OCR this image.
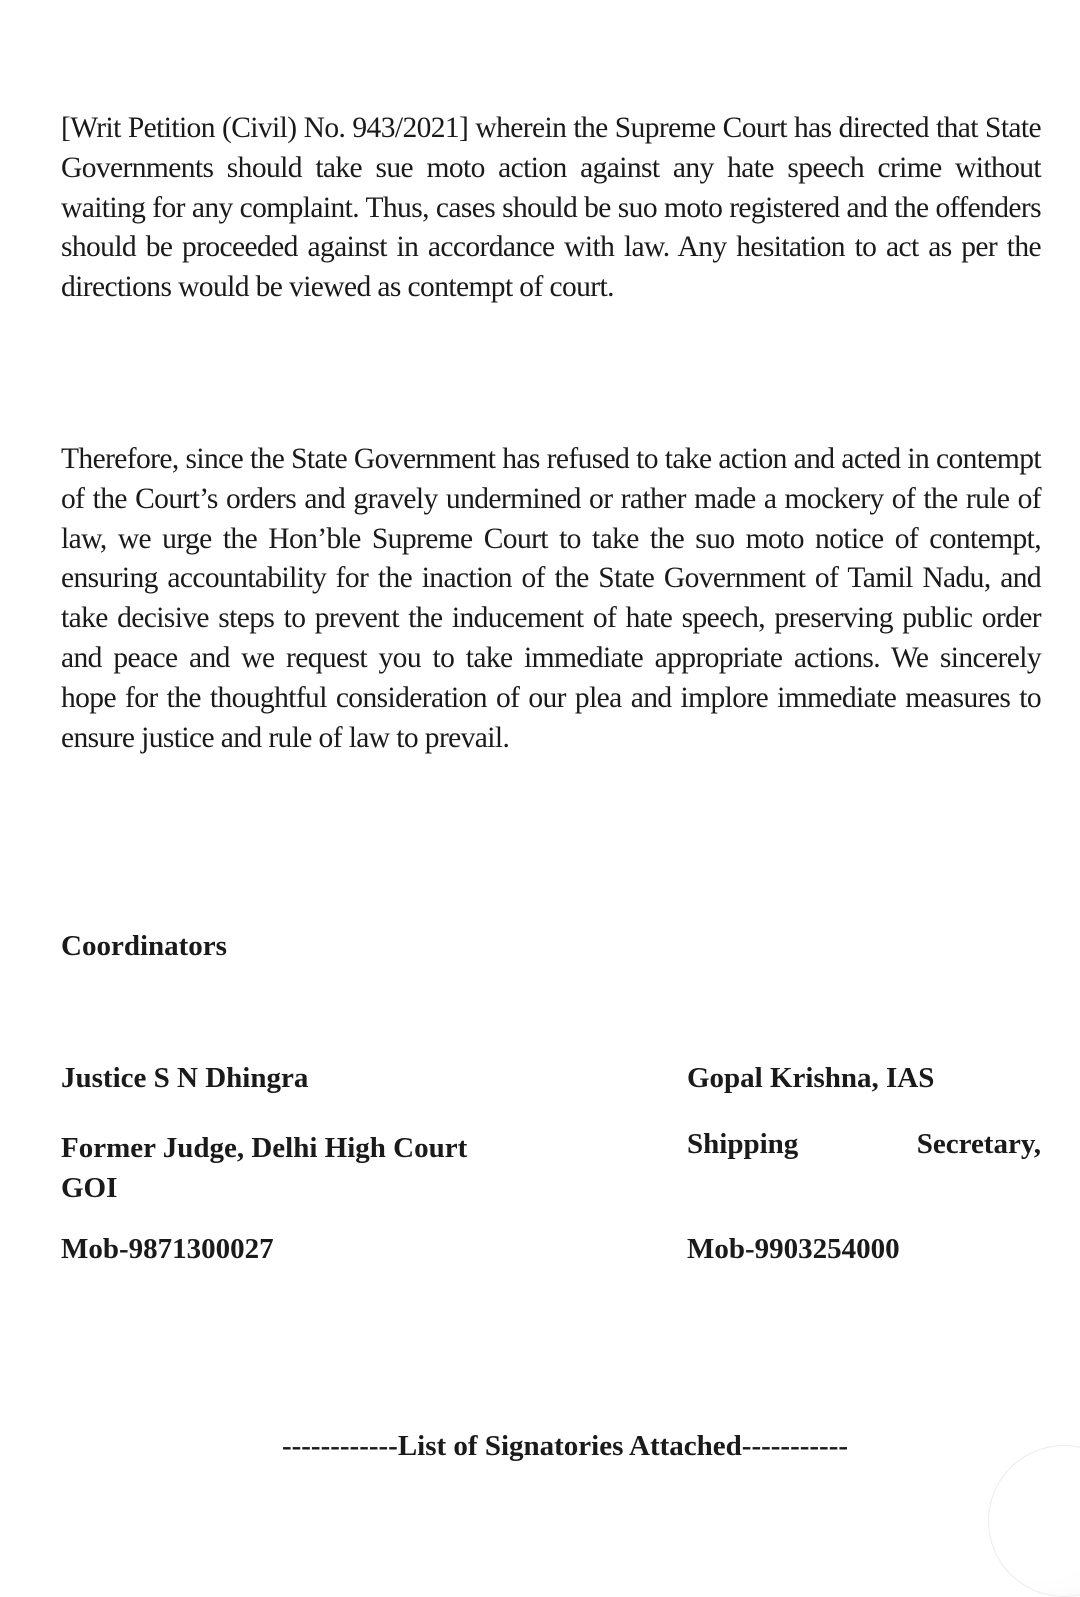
[Writ Petition (Civil) No. 943/2021] wherein the Supreme Court has directed that State Governments should take sue moto action against any hate speech crime without waiting for any complaint. Thus, cases should be suo moto registered and the offenders should be proceeded against in accordance with law. Any hesitation to act as per the directions would be viewed as contempt of court.

Therefore, since the State Government has refused to take action and acted in contempt of the Court’s orders and gravely undermined or rather made a mockery of the rule of law, we urge the Hon’ble Supreme Court to take the suo moto notice of contempt, ensuring accountability for the inaction of the State Government of Tamil Nadu, and take decisive steps to prevent the inducement of hate speech, preserving public order and peace and we request you to take immediate appropriate actions. We sincerely hope for the thoughtful consideration of our plea and implore immediate measures to ensure justice and rule of law to prevail.

Coordinators
Justice S N Dhingra
Former Judge, Delhi High Court
GOI
Mob-9871300027
Gopal Krishna, IAS
Shipping	Secretary,
Mob-9903254000
------------List of Signatories Attached-----------
